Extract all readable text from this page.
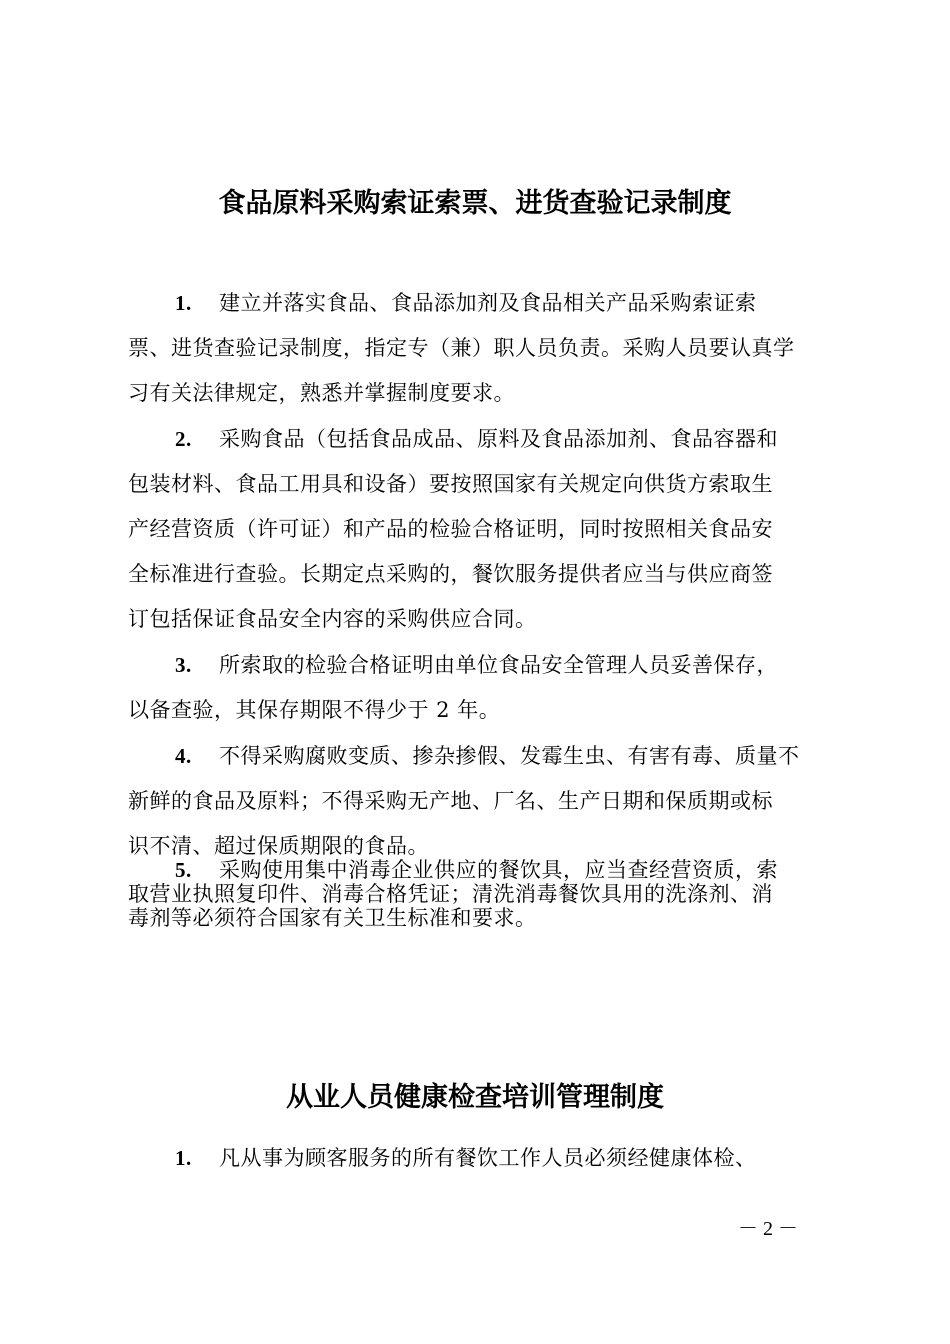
食品原料采购索证索票、进货查验记录制度
1. 建立并落实食品、食品添加剂及食品相关产品采购索证索
票、进货查验记录制度，指定专（兼）职人员负责。采购人员要认真学
习有关法律规定，熟悉并掌握制度要求。
2. 采购食品（包括食品成品、原料及食品添加剂、食品容器和
包装材料、食品工用具和设备）要按照国家有关规定向供货方索取生
产经营资质（许可证）和产品的检验合格证明，同时按照相关食品安
全标准进行查验。长期定点采购的，餐饮服务提供者应当与供应商签
订包括保证食品安全内容的采购供应合同。
3. 所索取的检验合格证明由单位食品安全管理人员妥善保存，
以备查验，其保存期限不得少于 2 年。
4. 不得采购腐败变质、掺杂掺假、发霉生虫、有害有毒、质量不
新鲜的食品及原料；不得采购无产地、厂名、生产日期和保质期或标
识不清、超过保质期限的食品。
5. 采购使用集中消毒企业供应的餐饮具，应当查经营资质，索
取营业执照复印件、消毒合格凭证；清洗消毒餐饮具用的洗涤剂、消
毒剂等必须符合国家有关卫生标准和要求。
从业人员健康检查培训管理制度
1. 凡从事为顾客服务的所有餐饮工作人员必须经健康体检、

－ 2 －
